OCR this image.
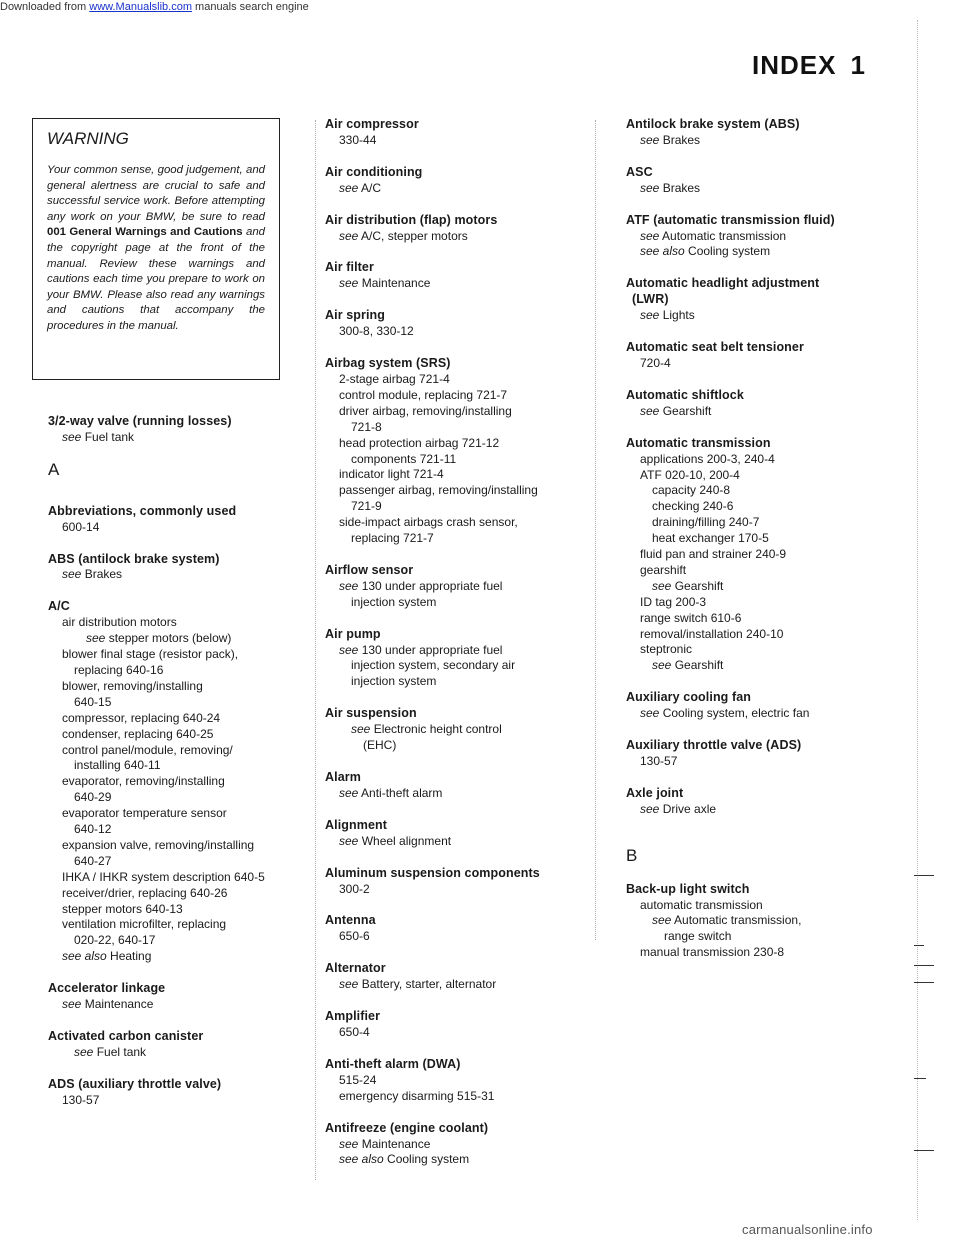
Downloaded from www.Manualslib.com manuals search engine
INDEX 1

WARNING

Your common sense, good judgement, and general alertness are crucial to safe and successful service work. Before attempting any work on your BMW, be sure to read 001 General Warnings and Cautions and the copyright page at the front of the manual. Review these warnings and cautions each time you prepare to work on your BMW. Please also read any warnings and cautions that accompany the procedures in the manual.

3/2-way valve (running losses)
see Fuel tank
A
Abbreviations, commonly used
600-14
ABS (antilock brake system)
see Brakes
A/C
air distribution motors
see stepper motors (below)
blower final stage (resistor pack),
replacing 640-16
blower, removing/installing
640-15
compressor, replacing 640-24
condenser, replacing 640-25
control panel/module, removing/
installing 640-11
evaporator, removing/installing
640-29
evaporator temperature sensor
640-12
expansion valve, removing/installing
640-27
IHKA / IHKR system description 640-5
receiver/drier, replacing 640-26
stepper motors 640-13
ventilation microfilter, replacing
020-22, 640-17
see also Heating
Accelerator linkage
see Maintenance
Activated carbon canister
see Fuel tank
ADS (auxiliary throttle valve)
130-57
Air compressor
330-44
Air conditioning
see A/C
Air distribution (flap) motors
see A/C, stepper motors
Air filter
see Maintenance
Air spring
300-8, 330-12
Airbag system (SRS)
2-stage airbag 721-4
control module, replacing 721-7
driver airbag, removing/installing
721-8
head protection airbag 721-12
components 721-11
indicator light 721-4
passenger airbag, removing/installing
721-9
side-impact airbags crash sensor,
replacing 721-7
Airflow sensor
see 130 under appropriate fuel
injection system
Air pump
see 130 under appropriate fuel
injection system, secondary air
injection system
Air suspension
see Electronic height control
(EHC)
Alarm
see Anti-theft alarm
Alignment
see Wheel alignment
Aluminum suspension components
300-2
Antenna
650-6
Alternator
see Battery, starter, alternator
Amplifier
650-4
Anti-theft alarm (DWA)
515-24
emergency disarming 515-31
Antifreeze (engine coolant)
see Maintenance
see also Cooling system
Antilock brake system (ABS)
see Brakes
ASC
see Brakes
ATF (automatic transmission fluid)
see Automatic transmission
see also Cooling system
Automatic headlight adjustment
(LWR)
see Lights
Automatic seat belt tensioner
720-4
Automatic shiftlock
see Gearshift
Automatic transmission
applications 200-3, 240-4
ATF 020-10, 200-4
capacity 240-8
checking 240-6
draining/filling 240-7
heat exchanger 170-5
fluid pan and strainer 240-9
gearshift
see Gearshift
ID tag 200-3
range switch 610-6
removal/installation 240-10
steptronic
see Gearshift
Auxiliary cooling fan
see Cooling system, electric fan
Auxiliary throttle valve (ADS)
130-57
Axle joint
see Drive axle
B
Back-up light switch
automatic transmission
see Automatic transmission,
range switch
manual transmission 230-8
carmanualsonline.info
